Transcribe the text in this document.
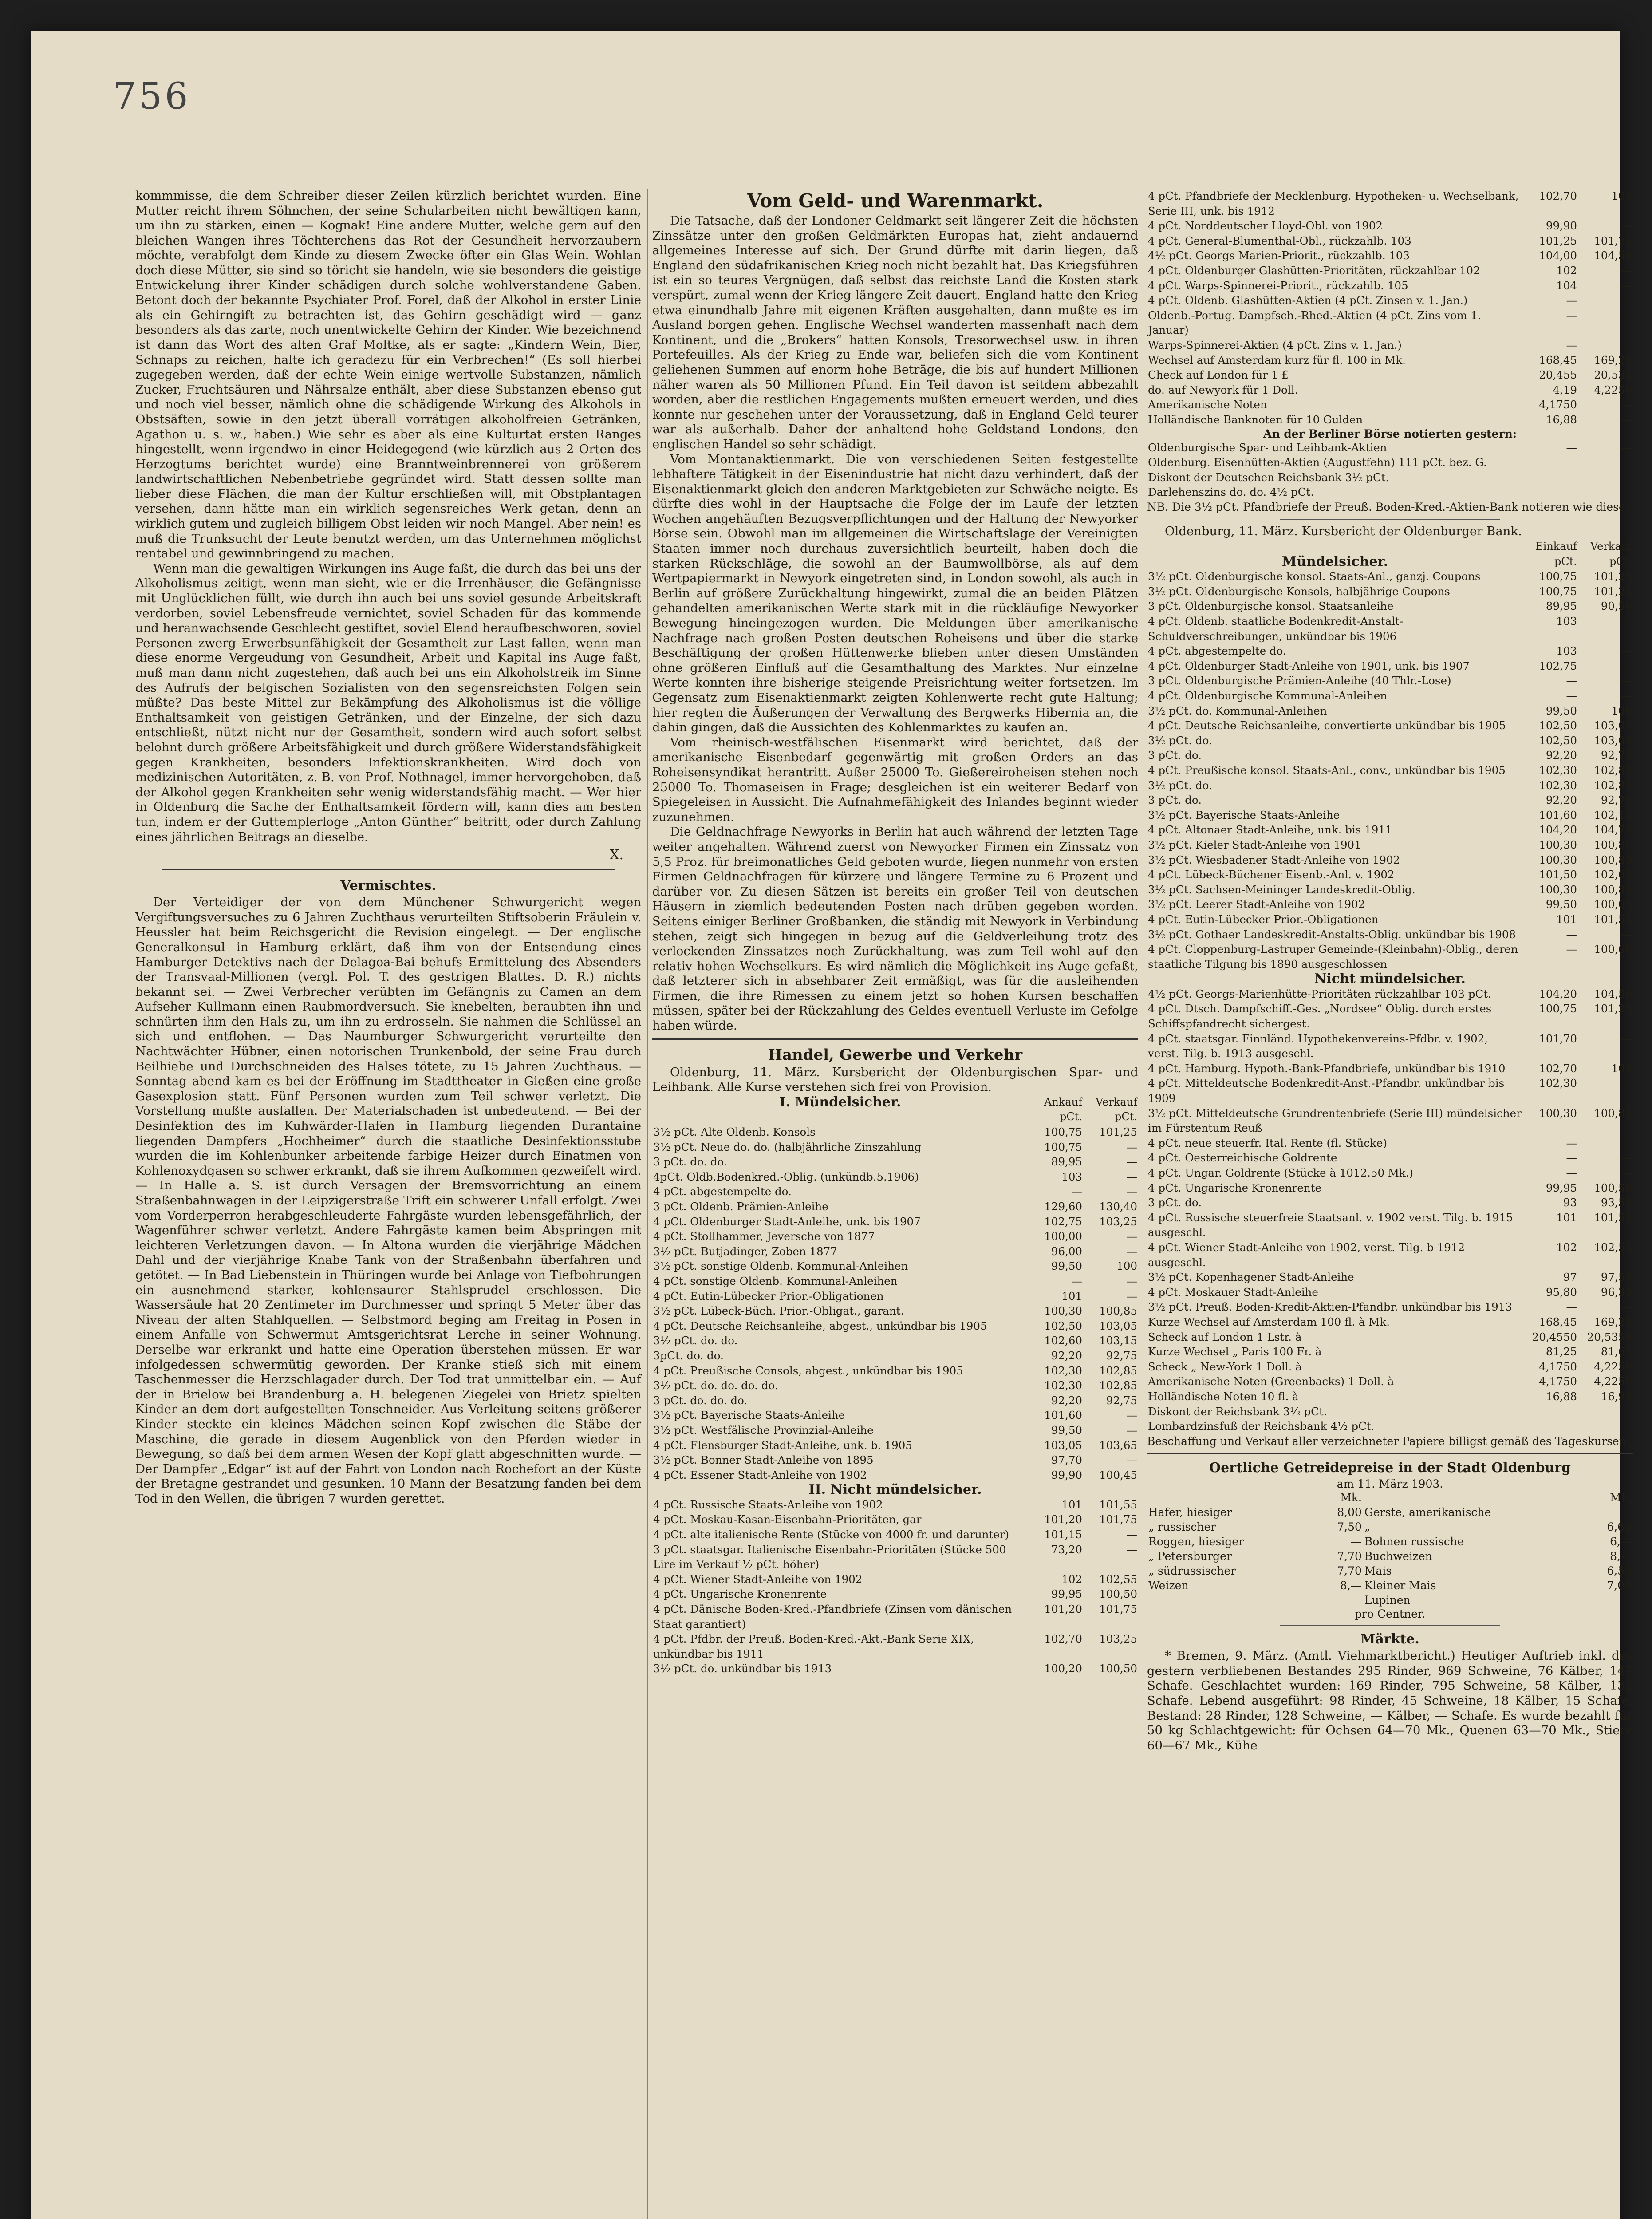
756

kommmisse, die dem Schreiber dieser Zeilen kürzlich berichtet wurden. Eine Mutter reicht ihrem Söhnchen, der seine Schularbeiten nicht bewältigen kann, um ihn zu stärken, einen — Kognak! Eine andere Mutter, welche gern auf den bleichen Wangen ihres Töchterchens das Rot der Gesundheit hervorzaubern möchte, verabfolgt dem Kinde zu diesem Zwecke öfter ein Glas Wein. Wohlan doch diese Mütter, sie sind so töricht sie handeln, wie sie besonders die geistige Entwickelung ihrer Kinder schädigen durch solche wohlverstandene Gaben. Betont doch der bekannte Psychiater Prof. Forel, daß der Alkohol in erster Linie als ein Gehirngift zu betrachten ist, das Gehirn geschädigt wird — ganz besonders als das zarte, noch unentwickelte Gehirn der Kinder. Wie bezeichnend ist dann das Wort des alten Graf Moltke, als er sagte: „Kindern Wein, Bier, Schnaps zu reichen, halte ich geradezu für ein Verbrechen!“ (Es soll hierbei zugegeben werden, daß der echte Wein einige wertvolle Substanzen, nämlich Zucker, Fruchtsäuren und Nährsalze enthält, aber diese Substanzen ebenso gut und noch viel besser, nämlich ohne die schädigende Wirkung des Alkohols in Obstsäften, sowie in den jetzt überall vorrätigen alkoholfreien Getränken, Agathon u. s. w., haben.) Wie sehr es aber als eine Kulturtat ersten Ranges hingestellt, wenn irgendwo in einer Heidegegend (wie kürzlich aus 2 Orten des Herzogtums berichtet wurde) eine Branntweinbrennerei von größerem landwirtschaftlichen Nebenbetriebe gegründet wird. Statt dessen sollte man lieber diese Flächen, die man der Kultur erschließen will, mit Obstplantagen versehen, dann hätte man ein wirklich segensreiches Werk getan, denn an wirklich gutem und zugleich billigem Obst leiden wir noch Mangel. Aber nein! es muß die Trunksucht der Leute benutzt werden, um das Unternehmen möglichst rentabel und gewinnbringend zu machen.

Wenn man die gewaltigen Wirkungen ins Auge faßt, die durch das bei uns der Alkoholismus zeitigt, wenn man sieht, wie er die Irrenhäuser, die Gefängnisse mit Unglücklichen füllt, wie durch ihn auch bei uns soviel gesunde Arbeitskraft verdorben, soviel Lebensfreude vernichtet, soviel Schaden für das kommende und heranwachsende Geschlecht gestiftet, soviel Elend heraufbeschworen, soviel Personen zwerg Erwerbsunfähigkeit der Gesamtheit zur Last fallen, wenn man diese enorme Vergeudung von Gesundheit, Arbeit und Kapital ins Auge faßt, muß man dann nicht zugestehen, daß auch bei uns ein Alkoholstreik im Sinne des Aufrufs der belgischen Sozialisten von den segensreichsten Folgen sein müßte? Das beste Mittel zur Bekämpfung des Alkoholismus ist die völlige Enthaltsamkeit von geistigen Getränken, und der Einzelne, der sich dazu entschließt, nützt nicht nur der Gesamtheit, sondern wird auch sofort selbst belohnt durch größere Arbeitsfähigkeit und durch größere Widerstandsfähigkeit gegen Krankheiten, besonders Infektionskrankheiten. Wird doch von medizinischen Autoritäten, z. B. von Prof. Nothnagel, immer hervorgehoben, daß der Alkohol gegen Krankheiten sehr wenig widerstandsfähig macht. — Wer hier in Oldenburg die Sache der Enthaltsamkeit fördern will, kann dies am besten tun, indem er der Guttemplerloge „Anton Günther“ beitritt, oder durch Zahlung eines jährlichen Beitrags an dieselbe.

X.

Vermischtes.

Der Verteidiger der von dem Münchener Schwurgericht wegen Vergiftungsversuches zu 6 Jahren Zuchthaus verurteilten Stiftsoberin Fräulein v. Heussler hat beim Reichsgericht die Revision eingelegt. — Der englische Generalkonsul in Hamburg erklärt, daß ihm von der Entsendung eines Hamburger Detektivs nach der Delagoa-Bai behufs Ermittelung des Absenders der Transvaal-Millionen (vergl. Pol. T. des gestrigen Blattes. D. R.) nichts bekannt sei. — Zwei Verbrecher verübten im Gefängnis zu Camen an dem Aufseher Kullmann einen Raubmordversuch. Sie knebelten, beraubten ihn und schnürten ihm den Hals zu, um ihn zu erdrosseln. Sie nahmen die Schlüssel an sich und entflohen. — Das Naumburger Schwurgericht verurteilte den Nachtwächter Hübner, einen notorischen Trunkenbold, der seine Frau durch Beilhiebe und Durchschneiden des Halses tötete, zu 15 Jahren Zuchthaus. — Sonntag abend kam es bei der Eröffnung im Stadttheater in Gießen eine große Gasexplosion statt. Fünf Personen wurden zum Teil schwer verletzt. Die Vorstellung mußte ausfallen. Der Materialschaden ist unbedeutend. — Bei der Desinfektion des im Kuhwärder-Hafen in Hamburg liegenden Durantaine liegenden Dampfers „Hochheimer“ durch die staatliche Desinfektionsstube wurden die im Kohlenbunker arbeitende farbige Heizer durch Einatmen von Kohlenoxydgasen so schwer erkrankt, daß sie ihrem Aufkommen gezweifelt wird. — In Halle a. S. ist durch Versagen der Bremsvorrichtung an einem Straßenbahnwagen in der Leipzigerstraße Trift ein schwerer Unfall erfolgt. Zwei vom Vorderperron herabgeschleuderte Fahrgäste wurden lebensgefährlich, der Wagenführer schwer verletzt. Andere Fahrgäste kamen beim Abspringen mit leichteren Verletzungen davon. — In Altona wurden die vierjährige Mädchen Dahl und der vierjährige Knabe Tank von der Straßenbahn überfahren und getötet. — In Bad Liebenstein in Thüringen wurde bei Anlage von Tiefbohrungen ein ausnehmend starker, kohlensaurer Stahlsprudel erschlossen. Die Wassersäule hat 20 Zentimeter im Durchmesser und springt 5 Meter über das Niveau der alten Stahlquellen. — Selbstmord beging am Freitag in Posen in einem Anfalle von Schwermut Amtsgerichtsrat Lerche in seiner Wohnung. Derselbe war erkrankt und hatte eine Operation überstehen müssen. Er war infolgedessen schwermütig geworden. Der Kranke stieß sich mit einem Taschenmesser die Herzschlagader durch. Der Tod trat unmittelbar ein. — Auf der in Brielow bei Brandenburg a. H. belegenen Ziegelei von Brietz spielten Kinder an dem dort aufgestellten Tonschneider. Aus Verleitung seitens größerer Kinder steckte ein kleines Mädchen seinen Kopf zwischen die Stäbe der Maschine, die gerade in diesem Augenblick von den Pferden wieder in Bewegung, so daß bei dem armen Wesen der Kopf glatt abgeschnitten wurde. — Der Dampfer „Edgar“ ist auf der Fahrt von London nach Rochefort an der Küste der Bretagne gestrandet und gesunken. 10 Mann der Besatzung fanden bei dem Tod in den Wellen, die übrigen 7 wurden gerettet.

Vom Geld- und Warenmarkt.

Die Tatsache, daß der Londoner Geldmarkt seit längerer Zeit die höchsten Zinssätze unter den großen Geldmärkten Europas hat, zieht andauernd allgemeines Interesse auf sich. Der Grund dürfte mit darin liegen, daß England den südafrikanischen Krieg noch nicht bezahlt hat. Das Kriegsführen ist ein so teures Vergnügen, daß selbst das reichste Land die Kosten stark verspürt, zumal wenn der Krieg längere Zeit dauert. England hatte den Krieg etwa einundhalb Jahre mit eigenen Kräften ausgehalten, dann mußte es im Ausland borgen gehen. Englische Wechsel wanderten massenhaft nach dem Kontinent, und die „Brokers“ hatten Konsols, Tresorwechsel usw. in ihren Portefeuilles. Als der Krieg zu Ende war, beliefen sich die vom Kontinent geliehenen Summen auf enorm hohe Beträge, die bis auf hundert Millionen näher waren als 50 Millionen Pfund. Ein Teil davon ist seitdem abbezahlt worden, aber die restlichen Engagements mußten erneuert werden, und dies konnte nur geschehen unter der Voraussetzung, daß in England Geld teurer war als außerhalb. Daher der anhaltend hohe Geldstand Londons, den englischen Handel so sehr schädigt.

Vom Montanaktienmarkt. Die von verschiedenen Seiten festgestellte lebhaftere Tätigkeit in der Eisenindustrie hat nicht dazu verhindert, daß der Eisenaktienmarkt gleich den anderen Marktgebieten zur Schwäche neigte. Es dürfte dies wohl in der Hauptsache die Folge der im Laufe der letzten Wochen angehäuften Bezugsverpflichtungen und der Haltung der Newyorker Börse sein. Obwohl man im allgemeinen die Wirtschaftslage der Vereinigten Staaten immer noch durchaus zuversichtlich beurteilt, haben doch die starken Rückschläge, die sowohl an der Baumwollbörse, als auf dem Wertpapiermarkt in Newyork eingetreten sind, in London sowohl, als auch in Berlin auf größere Zurückhaltung hingewirkt, zumal die an beiden Plätzen gehandelten amerikanischen Werte stark mit in die rückläufige Newyorker Bewegung hineingezogen wurden. Die Meldungen über amerikanische Nachfrage nach großen Posten deutschen Roheisens und über die starke Beschäftigung der großen Hüttenwerke blieben unter diesen Umständen ohne größeren Einfluß auf die Gesamthaltung des Marktes. Nur einzelne Werte konnten ihre bisherige steigende Preisrichtung weiter fortsetzen. Im Gegensatz zum Eisenaktienmarkt zeigten Kohlenwerte recht gute Haltung; hier regten die Äußerungen der Verwaltung des Bergwerks Hibernia an, die dahin gingen, daß die Aussichten des Kohlenmarktes zu kaufen an.

Vom rheinisch-westfälischen Eisenmarkt wird berichtet, daß der amerikanische Eisenbedarf gegenwärtig mit großen Orders an das Roheisensyndikat herantritt. Außer 25000 To. Gießereiroheisen stehen noch 25000 To. Thomaseisen in Frage; desgleichen ist ein weiterer Bedarf von Spiegeleisen in Aussicht. Die Aufnahmefähigkeit des Inlandes beginnt wieder zuzunehmen.

Die Geldnachfrage Newyorks in Berlin hat auch während der letzten Tage weiter angehalten. Während zuerst von Newyorker Firmen ein Zinssatz von 5,5 Proz. für breimonatliches Geld geboten wurde, liegen nunmehr von ersten Firmen Geldnachfragen für kürzere und längere Termine zu 6 Prozent und darüber vor. Zu diesen Sätzen ist bereits ein großer Teil von deutschen Häusern in ziemlich bedeutenden Posten nach drüben gegeben worden. Seitens einiger Berliner Großbanken, die ständig mit Newyork in Verbindung stehen, zeigt sich hingegen in bezug auf die Geldverleihung trotz des verlockenden Zinssatzes noch Zurückhaltung, was zum Teil wohl auf den relativ hohen Wechselkurs. Es wird nämlich die Möglichkeit ins Auge gefaßt, daß letzterer sich in absehbarer Zeit ermäßigt, was für die ausleihenden Firmen, die ihre Rimessen zu einem jetzt so hohen Kursen beschaffen müssen, später bei der Rückzahlung des Geldes eventuell Verluste im Gefolge haben würde.

Handel, Gewerbe und Verkehr

Oldenburg, 11. März. Kursbericht der Oldenburgischen Spar- und Leihbank. Alle Kurse verstehen sich frei von Provision.

I. Mündelsicher.	Ankauf	Verkauf
	pCt.	pCt.
3½ pCt. Alte Oldenb. Konsols	100,75	101,25
3½ pCt. Neue do. do. (halbjährliche Zinszahlung	100,75	—
3 pCt. do. do.	89,95	—
4pCt. Oldb.Bodenkred.-Oblig. (unkündb.5.1906)	103	—
4 pCt. abgestempelte do.	—	—
3 pCt. Oldenb. Prämien-Anleihe	129,60	130,40
4 pCt. Oldenburger Stadt-Anleihe, unk. bis 1907	102,75	103,25
4 pCt. Stollhammer, Jeversche von 1877	100,00	—
3½ pCt. Butjadinger, Zoben 1877	96,00	—
3½ pCt. sonstige Oldenb. Kommunal-Anleihen	99,50	100
4 pCt. sonstige Oldenb. Kommunal-Anleihen	—	—
4 pCt. Eutin-Lübecker Prior.-Obligationen	101	—
3½ pCt. Lübeck-Büch. Prior.-Obligat., garant.	100,30	100,85
4 pCt. Deutsche Reichsanleihe, abgest., unkündbar bis 1905	102,50	103,05
3½ pCt. do. do.	102,60	103,15
3pCt. do. do.	92,20	92,75
4 pCt. Preußische Consols, abgest., unkündbar bis 1905	102,30	102,85
3½ pCt. do. do. do. do.	102,30	102,85
3 pCt. do. do. do.	92,20	92,75
3½ pCt. Bayerische Staats-Anleihe	101,60	—
3½ pCt. Westfälische Provinzial-Anleihe	99,50	—
4 pCt. Flensburger Stadt-Anleihe, unk. b. 1905	103,05	103,65
3½ pCt. Bonner Stadt-Anleihe von 1895	97,70	—
4 pCt. Essener Stadt-Anleihe von 1902	99,90	100,45
II. Nicht mündelsicher.		
4 pCt. Russische Staats-Anleihe von 1902	101	101,55
4 pCt. Moskau-Kasan-Eisenbahn-Prioritäten, gar	101,20	101,75
4 pCt. alte italienische Rente (Stücke von 4000 fr. und darunter)	101,15	—
3 pCt. staatsgar. Italienische Eisenbahn-Prioritäten (Stücke 500 Lire im Verkauf ½ pCt. höher)	73,20	—
4 pCt. Wiener Stadt-Anleihe von 1902	102	102,55
4 pCt. Ungarische Kronenrente	99,95	100,50
4 pCt. Dänische Boden-Kred.-Pfandbriefe (Zinsen vom dänischen Staat garantiert)	101,20	101,75
4 pCt. Pfdbr. der Preuß. Boden-Kred.-Akt.-Bank Serie XIX, unkündbar bis 1911	102,70	103,25
3½ pCt. do. unkündbar bis 1913	100,20	100,50
4 pCt. Pfandbriefe der Mecklenburg. Hypotheken- u. Wechselbank, Serie III, unk. bis 1912	102,70	103
4 pCt. Norddeutscher Lloyd-Obl. von 1902	99,90	—
4 pCt. General-Blumenthal-Obl., rückzahlb. 103	101,25	101,75
4½ pCt. Georgs Marien-Priorit., rückzahlb. 103	104,00	104,50
4 pCt. Oldenburger Glashütten-Prioritäten, rückzahlbar 102	102	—
4 pCt. Warps-Spinnerei-Priorit., rückzahlb. 105	104	—
4 pCt. Oldenb. Glashütten-Aktien (4 pCt. Zinsen v. 1. Jan.)	—	—
Oldenb.-Portug. Dampfsch.-Rhed.-Aktien (4 pCt. Zins vom 1. Januar)	—	—
Warps-Spinnerei-Aktien (4 pCt. Zins v. 1. Jan.)	—	—
Wechsel auf Amsterdam kurz für fl. 100 in Mk.	168,45	169,25
Check auf London für 1 £	20,455	20,535
do. auf Newyork für 1 Doll.	4,19	4,2250
Amerikanische Noten	4,1750	—
Holländische Banknoten für 10 Gulden	16,88	—

An der Berliner Börse notierten gestern:

Oldenburgische Spar- und Leihbank-Aktien	—	—
Oldenburg. Eisenhütten-Aktien (Augustfehn) 111 pCt. bez. G.		
Diskont der Deutschen Reichsbank 3½ pCt.		
Darlehenszins do. do. 4½ pCt.		

NB. Die 3½ pCt. Pfandbriefe der Preuß. Boden-Kred.-Aktien-Bank notieren wie diese.

Oldenburg, 11. März. Kursbericht der Oldenburger Bank.

	Einkauf	Verkauf
Mündelsicher.	pCt.	pCt.
3½ pCt. Oldenburgische konsol. Staats-Anl., ganzj. Coupons	100,75	101,25
3½ pCt. Oldenburgische Konsols, halbjährige Coupons	100,75	101,25
3 pCt. Oldenburgische konsol. Staatsanleihe	89,95	90,50
4 pCt. Oldenb. staatliche Bodenkredit-Anstalt-Schuldverschreibungen, unkündbar bis 1906	103	—
4 pCt. abgestempelte do.	103	—
4 pCt. Oldenburger Stadt-Anleihe von 1901, unk. bis 1907	102,75	—
3 pCt. Oldenburgische Prämien-Anleihe (40 Thlr.-Lose)	—	—
4 pCt. Oldenburgische Kommunal-Anleihen	—	—
3½ pCt. do. Kommunal-Anleihen	99,50	100
4 pCt. Deutsche Reichsanleihe, convertierte unkündbar bis 1905	102,50	103,05
3½ pCt. do.	102,50	103,05
3 pCt. do.	92,20	92,75
4 pCt. Preußische konsol. Staats-Anl., conv., unkündbar bis 1905	102,30	102,85
3½ pCt. do.	102,30	102,85
3 pCt. do.	92,20	92,75
3½ pCt. Bayerische Staats-Anleihe	101,60	102,15
4 pCt. Altonaer Stadt-Anleihe, unk. bis 1911	104,20	104,75
3½ pCt. Kieler Stadt-Anleihe von 1901	100,30	100,85
3½ pCt. Wiesbadener Stadt-Anleihe von 1902	100,30	100,85
4 pCt. Lübeck-Büchener Eisenb.-Anl. v. 1902	101,50	102,05
3½ pCt. Sachsen-Meininger Landeskredit-Oblig.	100,30	100,85
3½ pCt. Leerer Stadt-Anleihe von 1902	99,50	100,05
4 pCt. Eutin-Lübecker Prior.-Obligationen	101	101,55
3½ pCt. Gothaer Landeskredit-Anstalts-Oblig. unkündbar bis 1908	—	—
4 pCt. Cloppenburg-Lastruper Gemeinde-(Kleinbahn)-Oblig., deren staatliche Tilgung bis 1890 ausgeschlossen	—	100,60
Nicht mündelsicher.		
4½ pCt. Georgs-Marienhütte-Prioritäten rückzahlbar 103 pCt.	104,20	104,50
4 pCt. Dtsch. Dampfschiff.-Ges. „Nordsee“ Oblig. durch erstes Schiffspfandrecht sichergest.	100,75	101,25
4 pCt. staatsgar. Finnländ. Hypothekenvereins-Pfdbr. v. 1902, verst. Tilg. b. 1913 ausgeschl.	101,70	—
4 pCt. Hamburg. Hypoth.-Bank-Pfandbriefe, unkündbar bis 1910	102,70	103
4 pCt. Mitteldeutsche Bodenkredit-Anst.-Pfandbr. unkündbar bis 1909	102,30	—
3½ pCt. Mitteldeutsche Grundrentenbriefe (Serie III) mündelsicher im Fürstentum Reuß	100,30	100,85
4 pCt. neue steuerfr. Ital. Rente (fl. Stücke)	—	—
4 pCt. Oesterreichische Goldrente	—	—
4 pCt. Ungar. Goldrente (Stücke à 1012.50 Mk.)	—	—
4 pCt. Ungarische Kronenrente	99,95	100,50
3 pCt. do.	93	93,55
4 pCt. Russische steuerfreie Staatsanl. v. 1902 verst. Tilg. b. 1915 ausgeschl.	101	101,55
4 pCt. Wiener Stadt-Anleihe von 1902, verst. Tilg. b 1912 ausgeschl.	102	102,55
3½ pCt. Kopenhagener Stadt-Anleihe	97	97,55
4 pCt. Moskauer Stadt-Anleihe	95,80	96,35
3½ pCt. Preuß. Boden-Kredit-Aktien-Pfandbr. unkündbar bis 1913	—	—
Kurze Wechsel auf Amsterdam 100 fl. à Mk.	168,45	169,25
Scheck auf London 1 Lstr. à	20,4550	20,5350
Kurze Wechsel „ Paris 100 Fr. à	81,25	81,65
Scheck „ New-York 1 Doll. à	4,1750	4,2250
Amerikanische Noten (Greenbacks) 1 Doll. à	4,1750	4,2250
Holländische Noten 10 fl. à	16,88	16,93
Diskont der Reichsbank 3½ pCt.		
Lombardzinsfuß der Reichsbank 4½ pCt.		

Beschaffung und Verkauf aller verzeichneter Papiere billigst gemäß des Tageskursen.

Oertliche Getreidepreise in der Stadt Oldenburg

am 11. März 1903.

	Mk.		Mk.
Hafer, hiesiger	8,00	Gerste, amerikanische	
„ russischer	7,50	„	6,60
Roggen, hiesiger	—	Bohnen russische	6,—
„ Petersburger	7,70	Buchweizen	8,—
„ südrussischer	7,70	Mais	6,50
Weizen	8,—	Kleiner Mais	7,00
		Lupinen	

pro Centner.

Märkte.

* Bremen, 9. März. (Amtl. Viehmarktbericht.) Heutiger Auftrieb inkl. des gestern verbliebenen Bestandes 295 Rinder, 969 Schweine, 76 Kälber, 147 Schafe. Geschlachtet wurden: 169 Rinder, 795 Schweine, 58 Kälber, 132 Schafe. Lebend ausgeführt: 98 Rinder, 45 Schweine, 18 Kälber, 15 Schafe. Bestand: 28 Rinder, 128 Schweine, — Kälber, — Schafe. Es wurde bezahlt für 50 kg Schlachtgewicht: für Ochsen 64—70 Mk., Quenen 63—70 Mk., Stiere 60—67 Mk., Kühe
